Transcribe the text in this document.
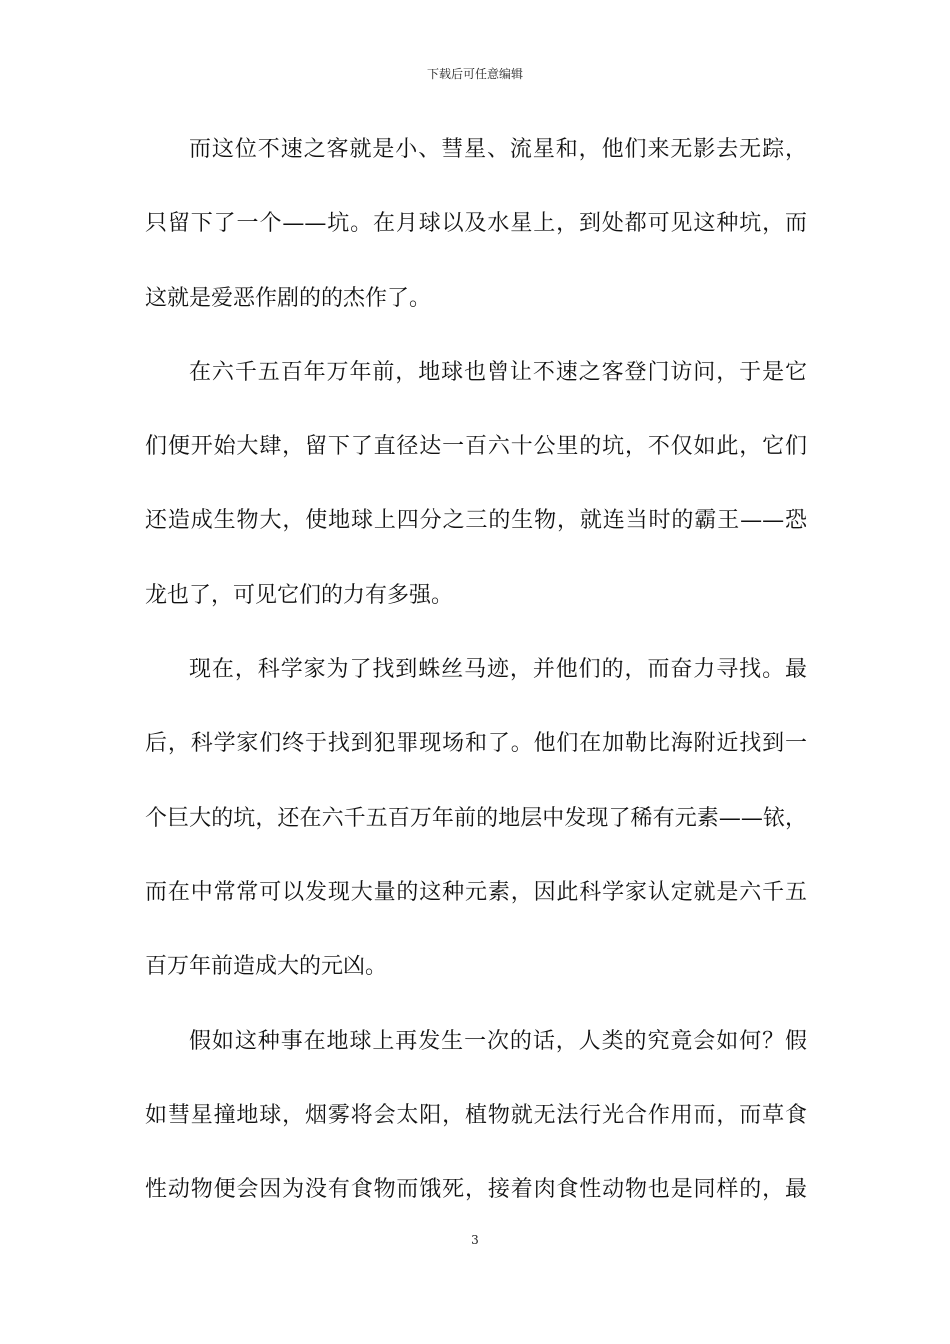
下载后可任意编辑
而这位不速之客就是小、彗星、流星和，他们来无影去无踪，
只留下了一个——坑。在月球以及水星上，到处都可见这种坑，而
这就是爱恶作剧的的杰作了。
在六千五百年万年前，地球也曾让不速之客登门访问，于是它
们便开始大肆，留下了直径达一百六十公里的坑，不仅如此，它们
还造成生物大，使地球上四分之三的生物，就连当时的霸王——恐
龙也了，可见它们的力有多强。
现在，科学家为了找到蛛丝马迹，并他们的，而奋力寻找。最
后，科学家们终于找到犯罪现场和了。他们在加勒比海附近找到一
个巨大的坑，还在六千五百万年前的地层中发现了稀有元素——铱，
而在中常常可以发现大量的这种元素，因此科学家认定就是六千五
百万年前造成大的元凶。
假如这种事在地球上再发生一次的话，人类的究竟会如何？假
如彗星撞地球，烟雾将会太阳，植物就无法行光合作用而，而草食
性动物便会因为没有食物而饿死，接着肉食性动物也是同样的，最
3
